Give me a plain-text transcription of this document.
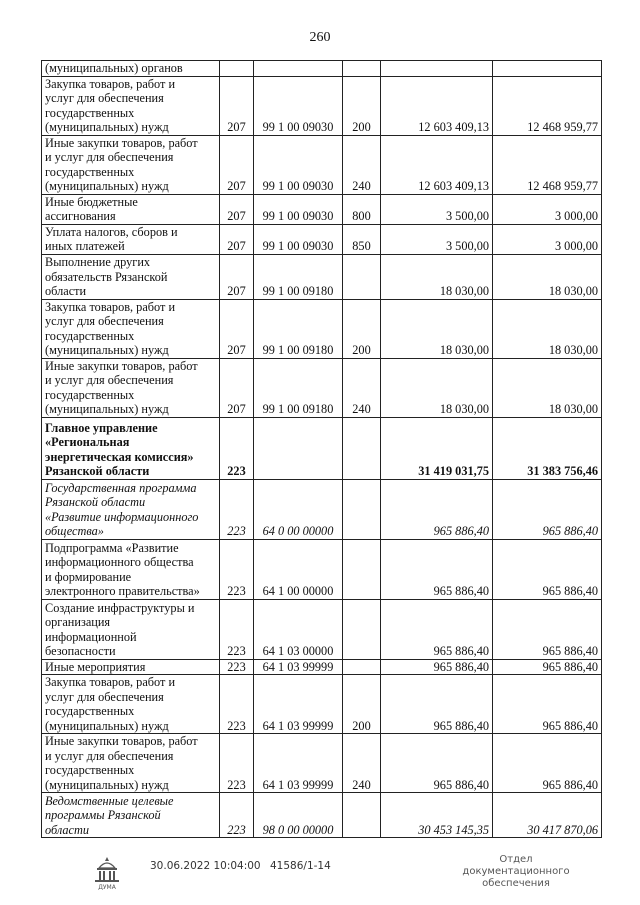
260
(муниципальных) органов					
Закупка товаров, работ и
услуг для обеспечения
государственных
(муниципальных) нужд	207	99 1 00 09030	200	12 603 409,13	12 468 959,77
Иные закупки товаров, работ
и услуг для обеспечения
государственных
(муниципальных) нужд	207	99 1 00 09030	240	12 603 409,13	12 468 959,77
Иные бюджетные
ассигнования	207	99 1 00 09030	800	3 500,00	3 000,00
Уплата налогов, сборов и
иных платежей	207	99 1 00 09030	850	3 500,00	3 000,00
Выполнение других
обязательств Рязанской
области	207	99 1 00 09180		18 030,00	18 030,00
Закупка товаров, работ и
услуг для обеспечения
государственных
(муниципальных) нужд	207	99 1 00 09180	200	18 030,00	18 030,00
Иные закупки товаров, работ
и услуг для обеспечения
государственных
(муниципальных) нужд	207	99 1 00 09180	240	18 030,00	18 030,00
Главное управление
«Региональная
энергетическая комиссия»
Рязанской области	223			31 419 031,75	31 383 756,46
Государственная программа
Рязанской области
«Развитие информационного
общества»	223	64 0 00 00000		965 886,40	965 886,40
Подпрограмма «Развитие
информационного общества
и формирование
электронного правительства»	223	64 1 00 00000		965 886,40	965 886,40
Создание инфраструктуры и
организация
информационной
безопасности	223	64 1 03 00000		965 886,40	965 886,40
Иные мероприятия	223	64 1 03 99999		965 886,40	965 886,40
Закупка товаров, работ и
услуг для обеспечения
государственных
(муниципальных) нужд	223	64 1 03 99999	200	965 886,40	965 886,40
Иные закупки товаров, работ
и услуг для обеспечения
государственных
(муниципальных) нужд	223	64 1 03 99999	240	965 886,40	965 886,40
Ведомственные целевые
программы Рязанской
области	223	98 0 00 00000		30 453 145,35	30 417 870,06
ДУМА
30.06.2022 10:04:00 41586/1-14
Отдел документационного
обеспечения
